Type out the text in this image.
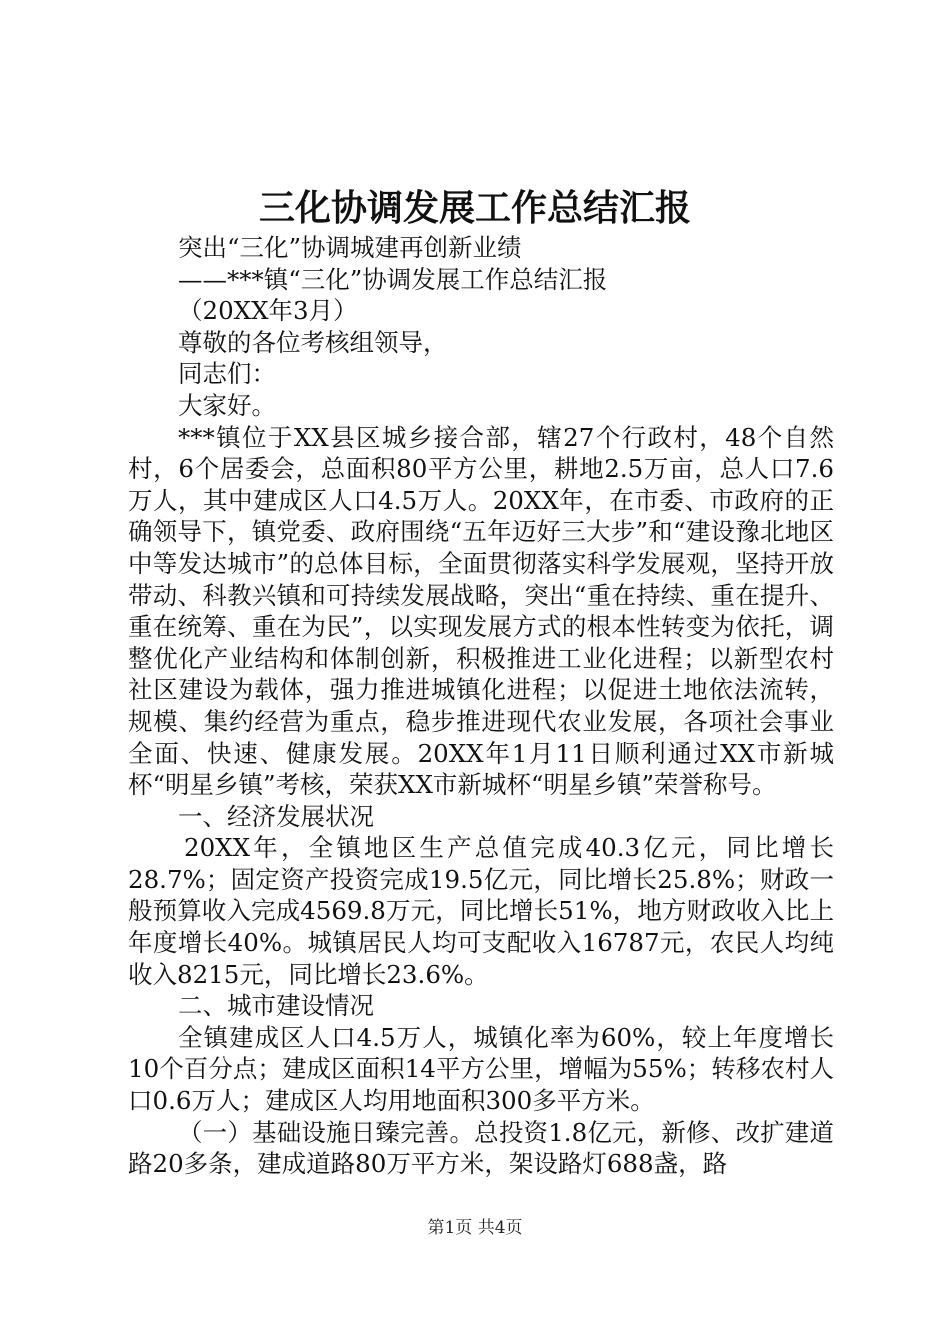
三化协调发展工作总结汇报

突出“三化”协调城建再创新业绩

——***镇“三化”协调发展工作总结汇报

（20XX年3月）

尊敬的各位考核组领导，

同志们：

大家好。

***镇位于XX县区城乡接合部，辖27个行政村，48个自然村，6个居委会，总面积80平方公里，耕地2.5万亩，总人口7.6万人，其中建成区人口4.5万人。20XX年，在市委、市政府的正确领导下，镇党委、政府围绕“五年迈好三大步”和“建设豫北地区中等发达城市”的总体目标，全面贯彻落实科学发展观，坚持开放带动、科教兴镇和可持续发展战略，突出“重在持续、重在提升、重在统筹、重在为民”，以实现发展方式的根本性转变为依托，调整优化产业结构和体制创新，积极推进工业化进程；以新型农村社区建设为载体，强力推进城镇化进程；以促进土地依法流转，规模、集约经营为重点，稳步推进现代农业发展，各项社会事业全面、快速、健康发展。20XX年1月11日顺利通过XX市新城杯“明星乡镇”考核，荣获XX市新城杯“明星乡镇”荣誉称号。

一、经济发展状况

20XX年，全镇地区生产总值完成40.3亿元，同比增长28.7%；固定资产投资完成19.5亿元，同比增长25.8%；财政一般预算收入完成4569.8万元，同比增长51%，地方财政收入比上年度增长40%。城镇居民人均可支配收入16787元，农民人均纯收入8215元，同比增长23.6%。

二、城市建设情况

全镇建成区人口4.5万人，城镇化率为60%，较上年度增长10个百分点；建成区面积14平方公里，增幅为55%；转移农村人口0.6万人；建成区人均用地面积300多平方米。

（一）基础设施日臻完善。总投资1.8亿元，新修、改扩建道路20多条，建成道路80万平方米，架设路灯688盏，路

第1页 共4页
